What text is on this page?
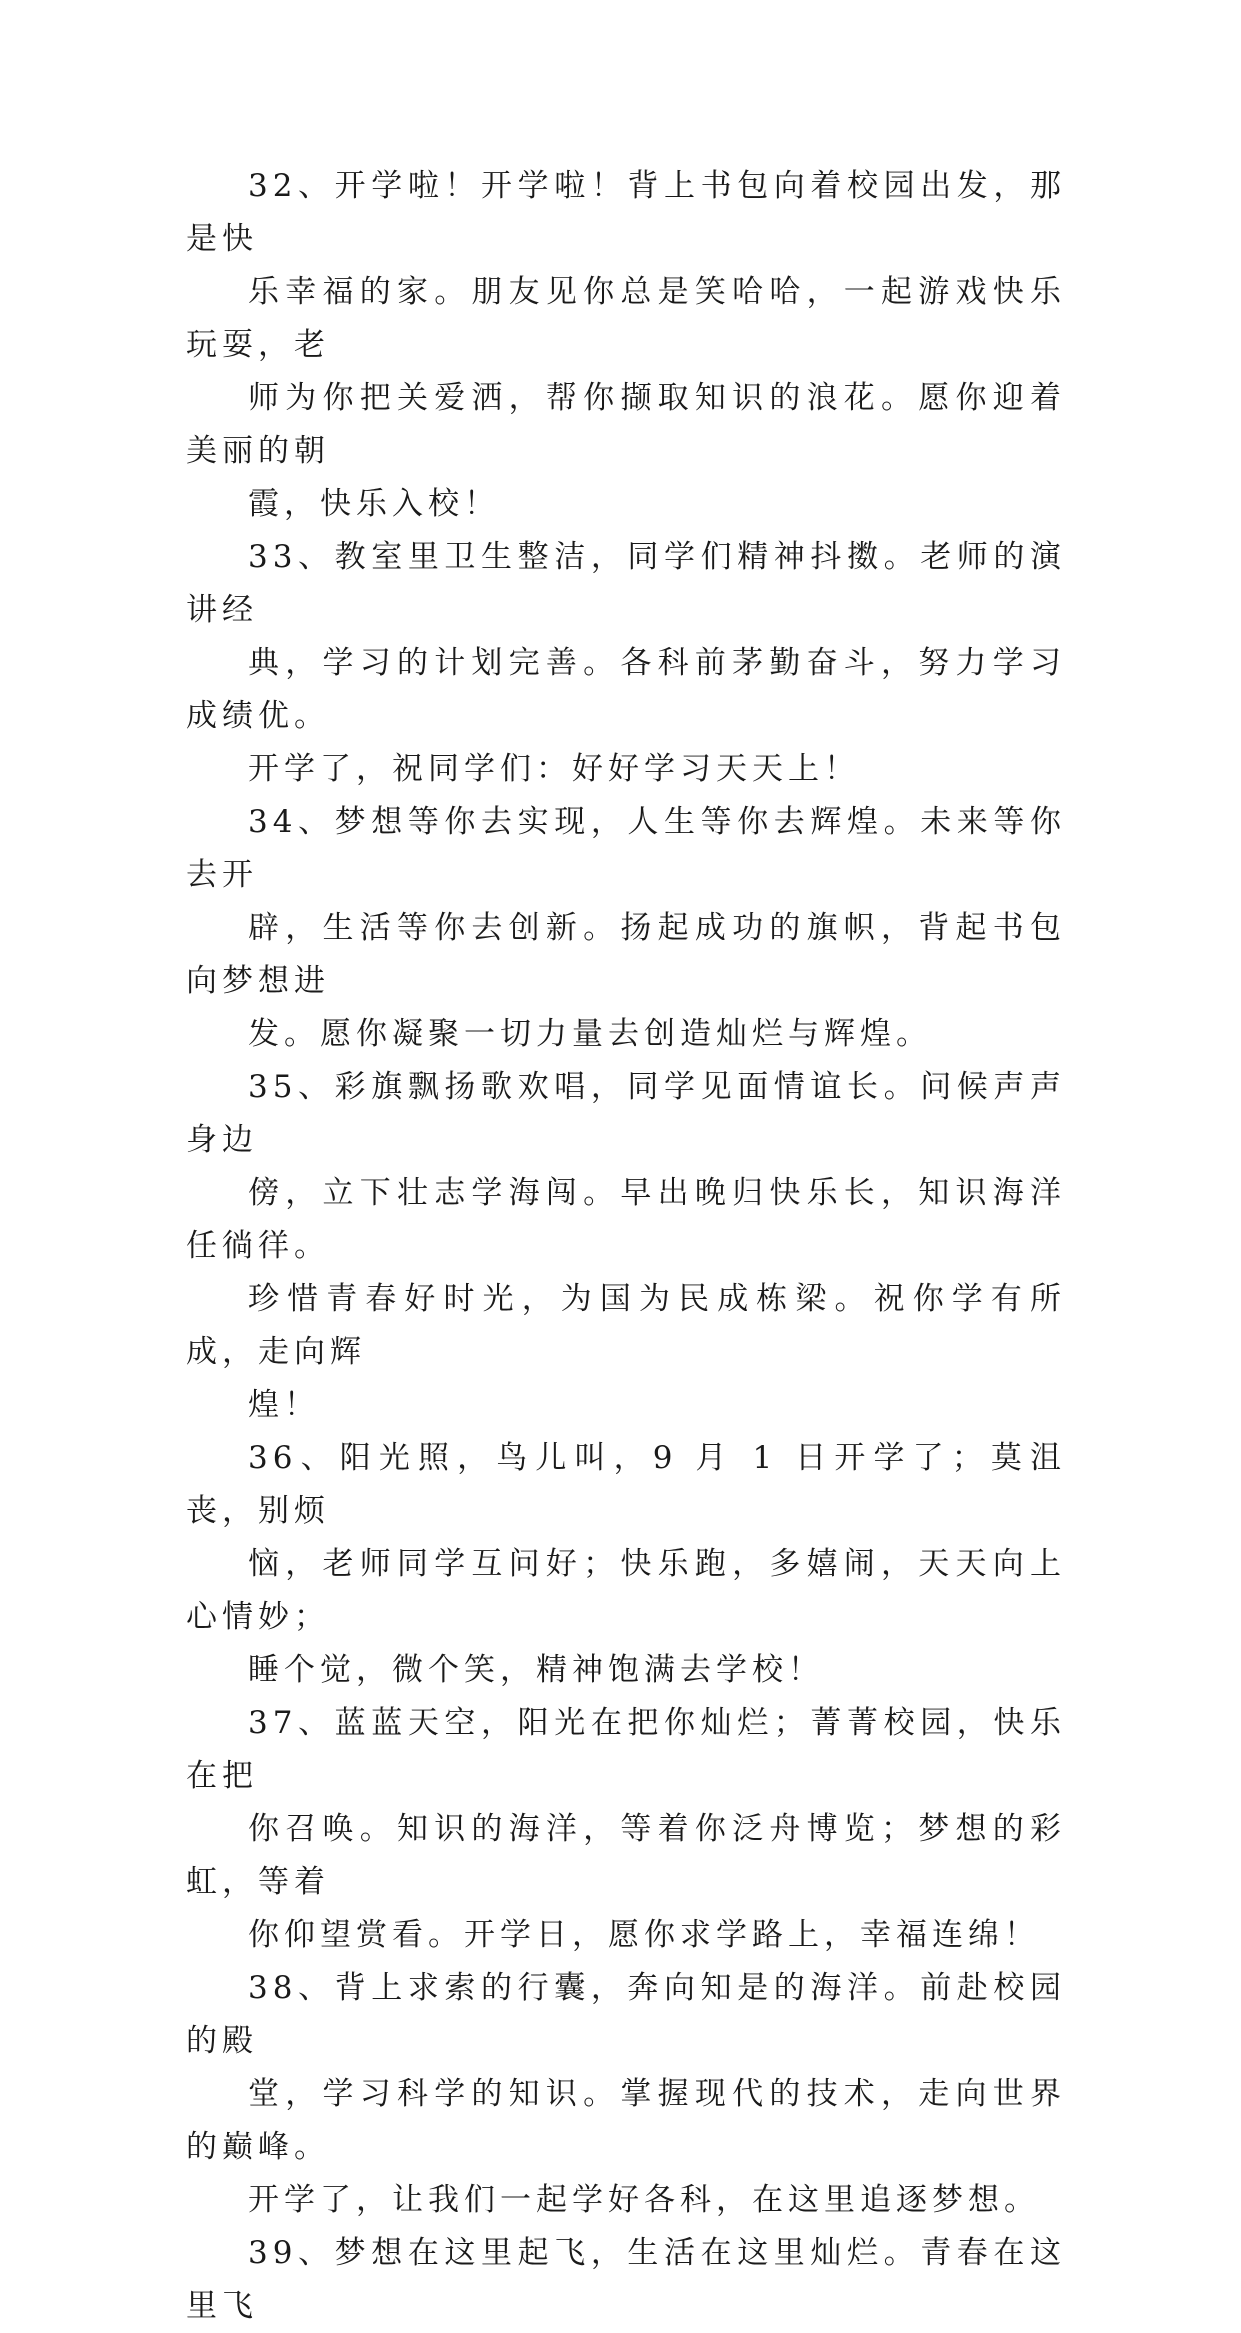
32、开学啦！开学啦！背上书包向着校园出发，那是快
乐幸福的家。朋友见你总是笑哈哈，一起游戏快乐玩耍，老
师为你把关爱洒，帮你撷取知识的浪花。愿你迎着美丽的朝
霞，快乐入校！

33、教室里卫生整洁，同学们精神抖擞。老师的演讲经
典，学习的计划完善。各科前茅勤奋斗，努力学习成绩优。
开学了，祝同学们：好好学习天天上！

34、梦想等你去实现，人生等你去辉煌。未来等你去开
辟，生活等你去创新。扬起成功的旗帜，背起书包向梦想进
发。愿你凝聚一切力量去创造灿烂与辉煌。

35、彩旗飘扬歌欢唱，同学见面情谊长。问候声声身边
傍，立下壮志学海闯。早出晚归快乐长，知识海洋任徜徉。
珍惜青春好时光，为国为民成栋梁。祝你学有所成，走向辉
煌！

36、阳光照，鸟儿叫，9 月 1 日开学了；莫沮丧，别烦
恼，老师同学互问好；快乐跑，多嬉闹，天天向上心情妙；
睡个觉，微个笑，精神饱满去学校！

37、蓝蓝天空，阳光在把你灿烂；菁菁校园，快乐在把
你召唤。知识的海洋，等着你泛舟博览；梦想的彩虹，等着
你仰望赏看。开学日，愿你求学路上，幸福连绵！

38、背上求索的行囊，奔向知是的海洋。前赴校园的殿
堂，学习科学的知识。掌握现代的技术，走向世界的巅峰。
开学了，让我们一起学好各科，在这里追逐梦想。

39、梦想在这里起飞，生活在这里灿烂。青春在这里飞
